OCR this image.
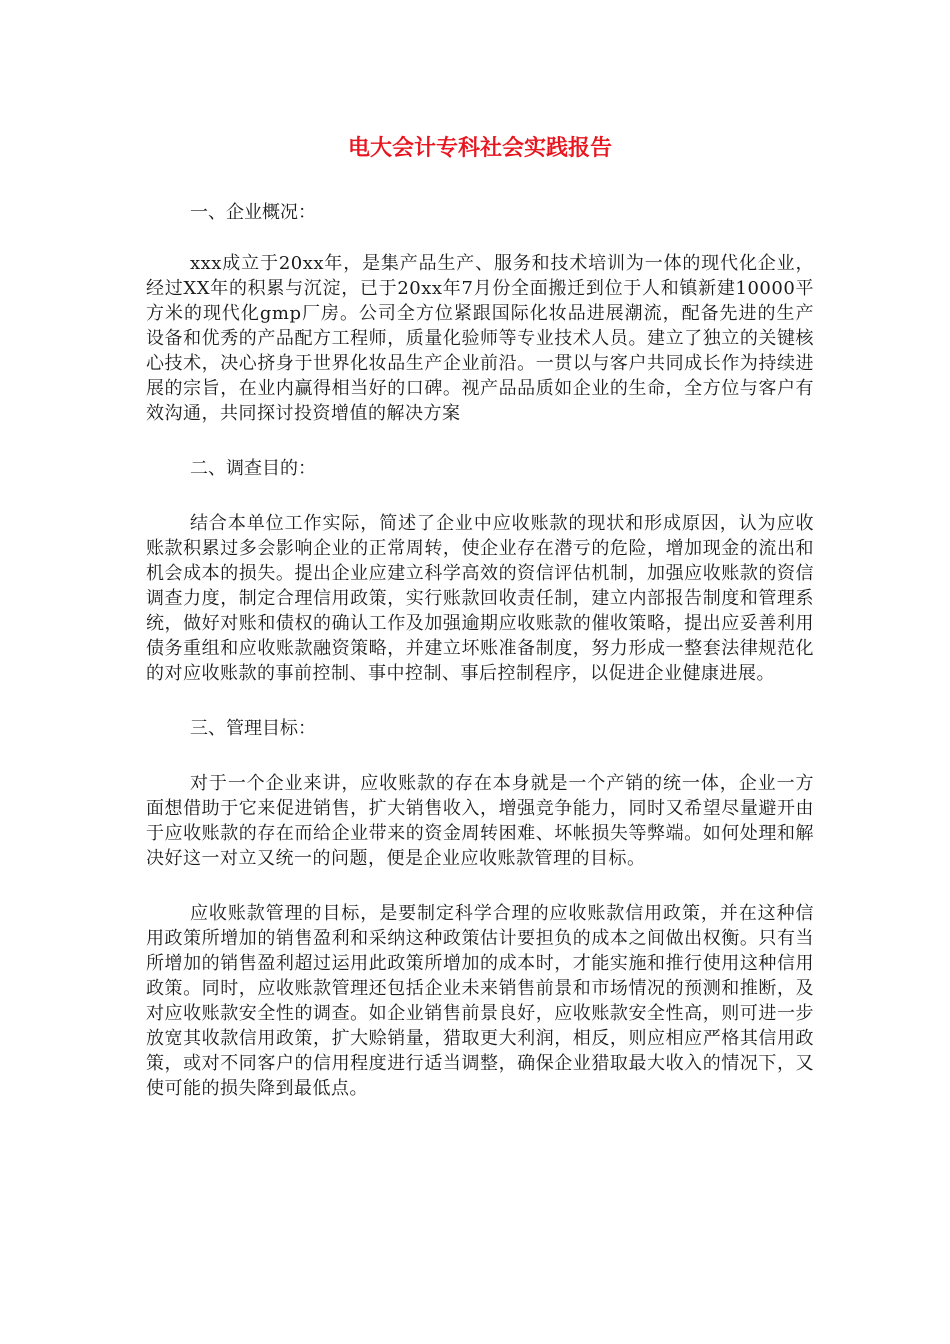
电大会计专科社会实践报告

一、企业概况：

xxx成立于20xx年，是集产品生产、服务和技术培训为一体的现代化企业，经过XX年的积累与沉淀，已于20xx年7月份全面搬迁到位于人和镇新建10000平方米的现代化gmp厂房。公司全方位紧跟国际化妆品进展潮流，配备先进的生产设备和优秀的产品配方工程师，质量化验师等专业技术人员。建立了独立的关键核心技术，决心挤身于世界化妆品生产企业前沿。一贯以与客户共同成长作为持续进展的宗旨，在业内赢得相当好的口碑。视产品品质如企业的生命，全方位与客户有效沟通，共同探讨投资增值的解决方案

二、调查目的：

结合本单位工作实际，简述了企业中应收账款的现状和形成原因，认为应收账款积累过多会影响企业的正常周转，使企业存在潜亏的危险，增加现金的流出和机会成本的损失。提出企业应建立科学高效的资信评估机制，加强应收账款的资信调查力度，制定合理信用政策，实行账款回收责任制，建立内部报告制度和管理系统，做好对账和债权的确认工作及加强逾期应收账款的催收策略，提出应妥善利用债务重组和应收账款融资策略，并建立坏账准备制度，努力形成一整套法律规范化的对应收账款的事前控制、事中控制、事后控制程序，以促进企业健康进展。

三、管理目标：

对于一个企业来讲，应收账款的存在本身就是一个产销的统一体，企业一方面想借助于它来促进销售，扩大销售收入，增强竞争能力，同时又希望尽量避开由于应收账款的存在而给企业带来的资金周转困难、坏帐损失等弊端。如何处理和解决好这一对立又统一的问题，便是企业应收账款管理的目标。

应收账款管理的目标，是要制定科学合理的应收账款信用政策，并在这种信用政策所增加的销售盈利和采纳这种政策估计要担负的成本之间做出权衡。只有当所增加的销售盈利超过运用此政策所增加的成本时，才能实施和推行使用这种信用政策。同时，应收账款管理还包括企业未来销售前景和市场情况的预测和推断，及对应收账款安全性的调查。如企业销售前景良好，应收账款安全性高，则可进一步放宽其收款信用政策，扩大赊销量，猎取更大利润，相反，则应相应严格其信用政策，或对不同客户的信用程度进行适当调整，确保企业猎取最大收入的情况下，又使可能的损失降到最低点。
